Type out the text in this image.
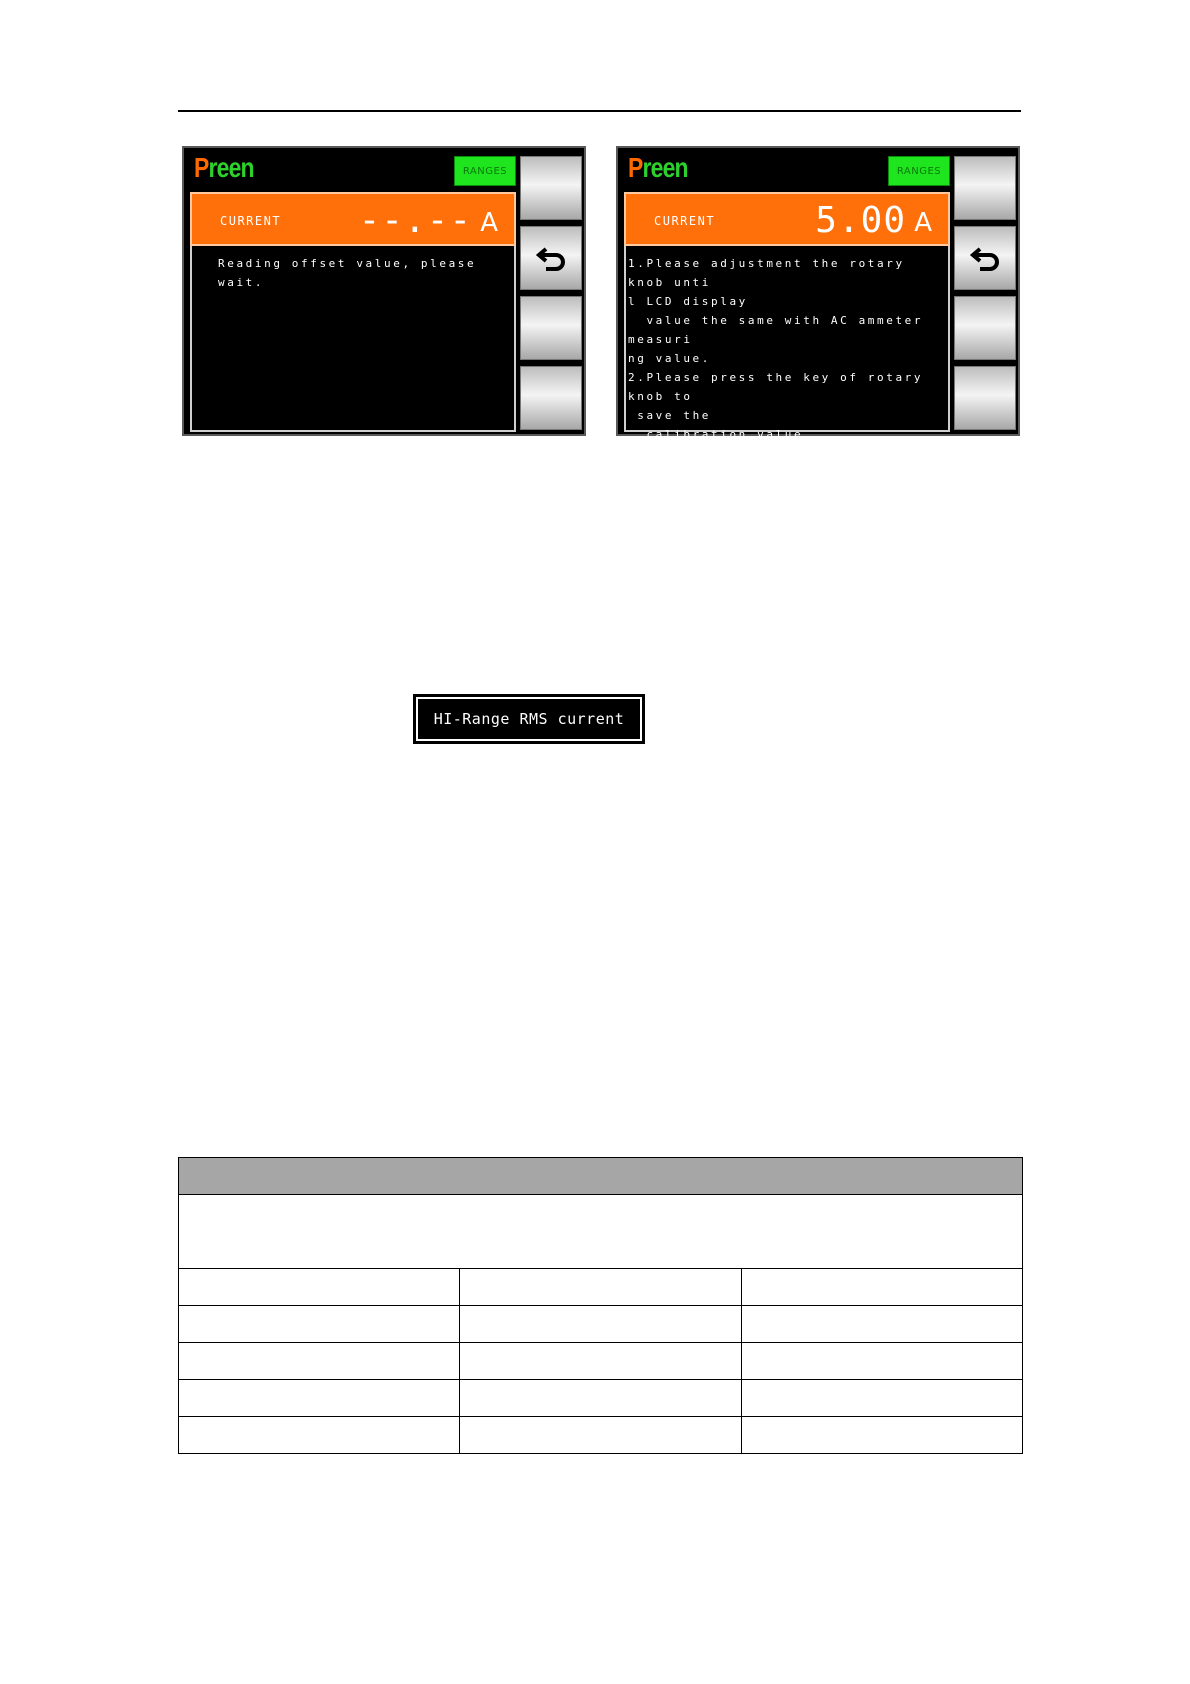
Preen	RANGES
CURRENT --.-- A
Reading offset value, please wait.
Preen	RANGES
CURRENT	5.00 A
1.Please adjustment the rotary knob unti
l LCD display
value the same with AC ammeter measuri
ng value.
2.Please press the key of rotary knob to
save the
calibration value.
HI-Range RMS current
